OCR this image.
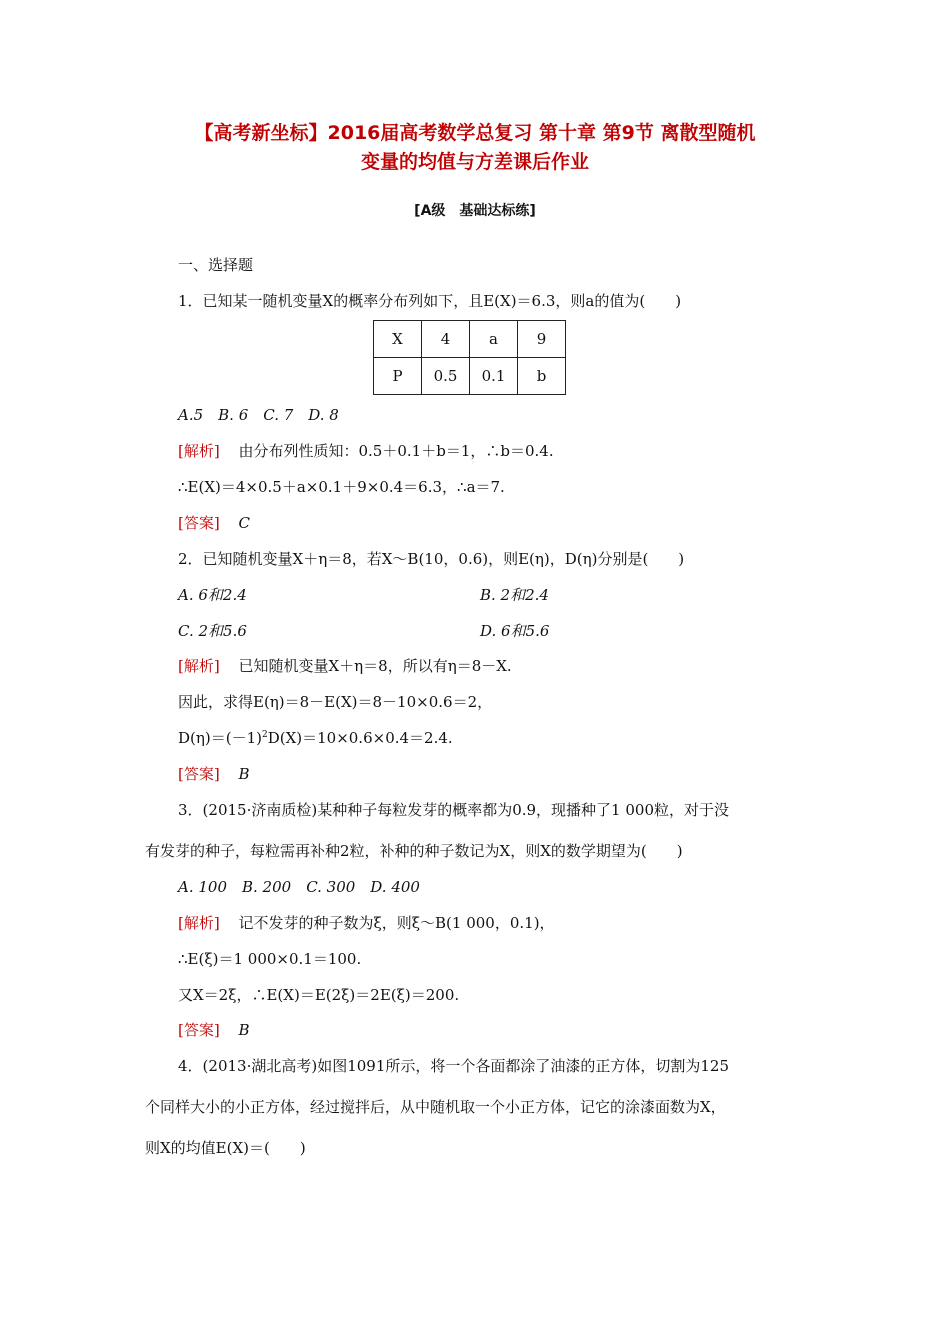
【高考新坐标】2016届高考数学总复习 第十章 第9节 离散型随机
变量的均值与方差课后作业
[A级　基础达标练]
一、选择题
1．已知某一随机变量X的概率分布列如下，且E(X)＝6.3，则a的值为(　　)
X	4	a	9
P	0.5	0.1	b
A.5　B. 6　C. 7　D. 8
[解析] 由分布列性质知：0.5＋0.1＋b＝1，∴b＝0.4.
∴E(X)＝4×0.5＋a×0.1＋9×0.4＝6.3，∴a＝7.
[答案] C
2．已知随机变量X＋η＝8，若X～B(10，0.6)，则E(η)，D(η)分别是(　　)
A. 6和2.4	B. 2和2.4
C. 2和5.6	D. 6和5.6
[解析] 已知随机变量X＋η＝8，所以有η＝8－X.
因此，求得E(η)＝8－E(X)＝8－10×0.6＝2，
$D(\eta)=(-1)^2D(X)=10\times 0.6\times 0.4=2.4$.
[答案] B
3．(2015·济南质检)某种种子每粒发芽的概率都为0.9，现播种了1 000粒，对于没
有发芽的种子，每粒需再补种2粒，补种的种子数记为X，则X的数学期望为(　　)
A. 100　B. 200　C. 300　D. 400
[解析] 记不发芽的种子数为ξ，则ξ～B(1 000，0.1)，
∴E(ξ)＝1 000×0.1＝100.
又X＝2ξ，∴E(X)＝E(2ξ)＝2E(ξ)＝200.
[答案] B
4．(2013·湖北高考)如图1091所示，将一个各面都涂了油漆的正方体，切割为125
个同样大小的小正方体，经过搅拌后，从中随机取一个小正方体，记它的涂漆面数为X，
则X的均值E(X)＝(　　)
